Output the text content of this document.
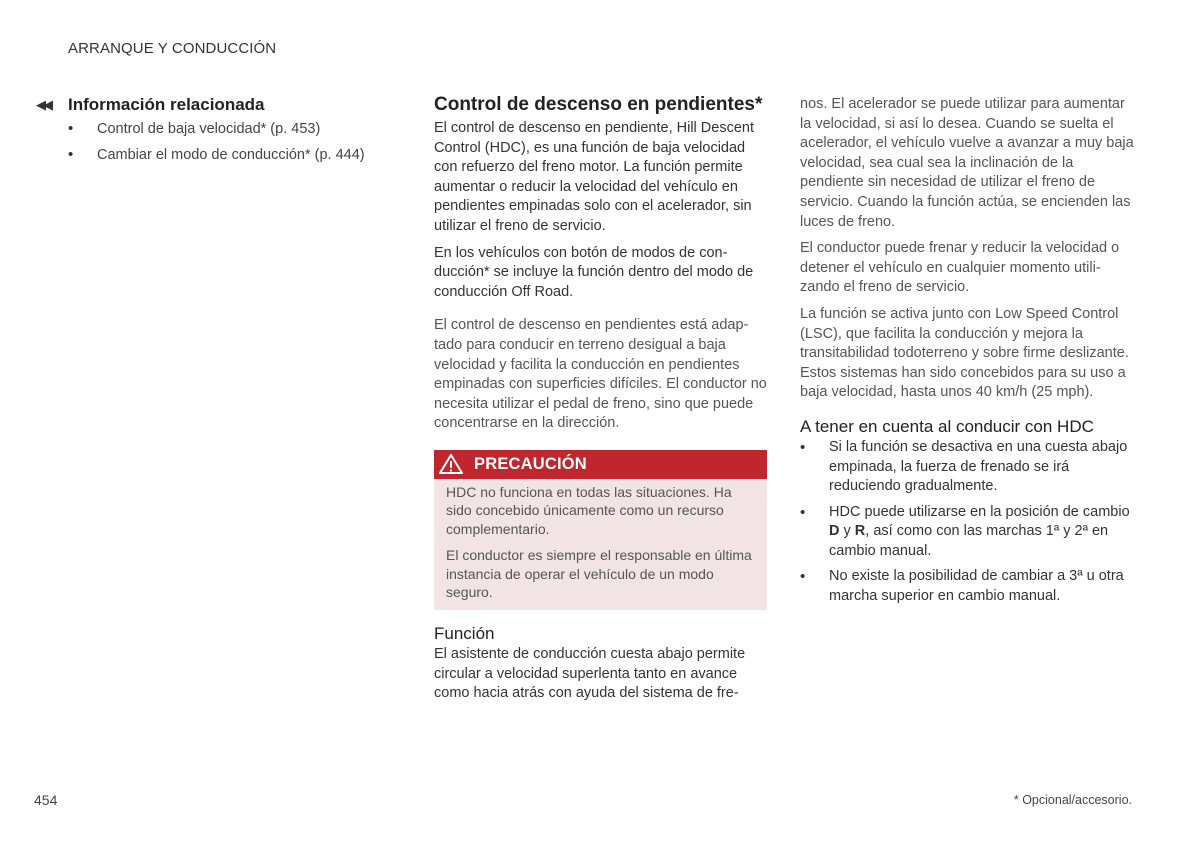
ARRANQUE Y CONDUCCIÓN
◀◀ Información relacionada
• Control de baja velocidad* (p. 453)
• Cambiar el modo de conducción* (p. 444)
Control de descenso en pendientes*

El control de descenso en pendiente, Hill Descent Control (HDC), es una función de baja velocidad con refuerzo del freno motor. La función permite aumentar o reducir la velocidad del vehículo en pendientes empinadas solo con el acelerador, sin utilizar el freno de servicio.

En los vehículos con botón de modos de conducción* se incluye la función dentro del modo de conducción Off Road.

El control de descenso en pendientes está adaptado para conducir en terreno desigual a baja velocidad y facilita la conducción en pendientes empinadas con superficies difíciles. El conductor no necesita utilizar el pedal de freno, sino que puede concentrarse en la dirección.

PRECAUCIÓN

HDC no funciona en todas las situaciones. Ha sido concebido únicamente como un recurso complementario.

El conductor es siempre el responsable en última instancia de operar el vehículo de un modo seguro.

Función

El asistente de conducción cuesta abajo permite circular a velocidad superlenta tanto en avance como hacia atrás con ayuda del sistema de fre-

nos. El acelerador se puede utilizar para aumentar la velocidad, si así lo desea. Cuando se suelta el acelerador, el vehículo vuelve a avanzar a muy baja velocidad, sea cual sea la inclinación de la pendiente sin necesidad de utilizar el freno de servicio. Cuando la función actúa, se encienden las luces de freno.

El conductor puede frenar y reducir la velocidad o detener el vehículo en cualquier momento utilizando el freno de servicio.

La función se activa junto con Low Speed Control (LSC), que facilita la conducción y mejora la transitabilidad todoterreno y sobre firme deslizante. Estos sistemas han sido concebidos para su uso a baja velocidad, hasta unos 40 km/h (25 mph).

A tener en cuenta al conducir con HDC
• Si la función se desactiva en una cuesta abajo empinada, la fuerza de frenado se irá reduciendo gradualmente.
• HDC puede utilizarse en la posición de cambio D y R, así como con las marchas 1ª y 2ª en cambio manual.
• No existe la posibilidad de cambiar a 3ª u otra marcha superior en cambio manual.
454	* Opcional/accesorio.
